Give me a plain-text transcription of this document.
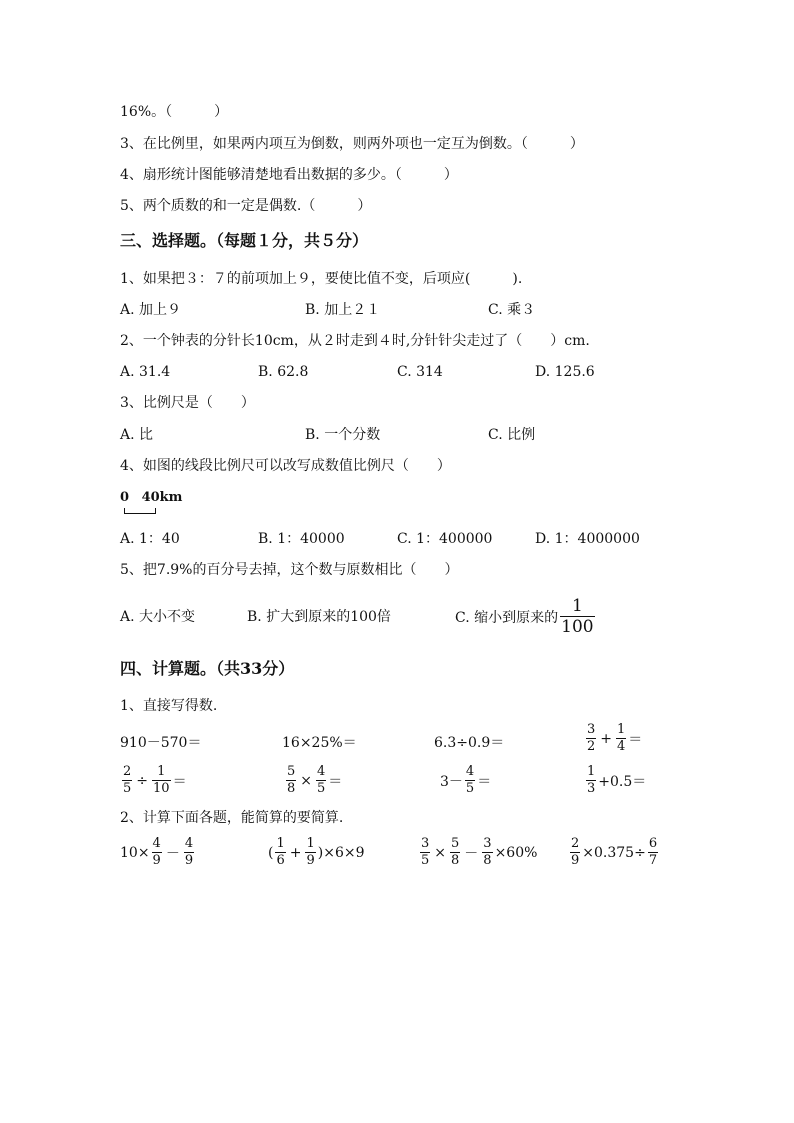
16%。（　　　）
3、在比例里，如果两内项互为倒数，则两外项也一定互为倒数。（　　　）
4、扇形统计图能够清楚地看出数据的多少。（　　　）
5、两个质数的和一定是偶数.（　　　）
三、选择题。（每题１分，共５分）
1、如果把３：７的前项加上９，要使比值不变，后项应(　　　).
A. 加上９	B. 加上２１	C. 乘３
2、一个钟表的分针长10cm，从２时走到４时,分针针尖走过了（　　）cm.
A. 31.4	B. 62.8	C. 314	D. 125.6
3、比例尺是（　　）
A. 比	B. 一个分数	C. 比例
4、如图的线段比例尺可以改写成数值比例尺（　　）
0 40km
A. 1：40	B. 1：40000	C. 1：400000	D. 1：4000000
5、把7.9%的百分号去掉，这个数与原数相比（　　）
A. 大小不变	B. 扩大到原来的100倍	C. 缩小到原来的 $\frac{1}{100}$
四、计算题。（共33分）
1、直接写得数.
910－570＝	16×25%＝	6.3÷0.9＝	$\frac{3}{2} + \frac{1}{4}$ ＝
$\frac{2}{5} \div \frac{1}{10}$ ＝	$\frac{5}{8} \times \frac{4}{5}$ ＝	$3- \frac{4}{5}$ ＝	$\frac{1}{3} +0.5=$
2、计算下面各题，能简算的要简算.
$10\times \frac{4}{9} - \frac{4}{9}$	( $\frac{1}{6} + \frac{1}{9} )\times 6\times 9$	$\frac{3}{5} \times \frac{5}{8} - \frac{3}{8} \times 60\%$	$\frac{2}{9} \times 0.375\div \frac{6}{7}$
